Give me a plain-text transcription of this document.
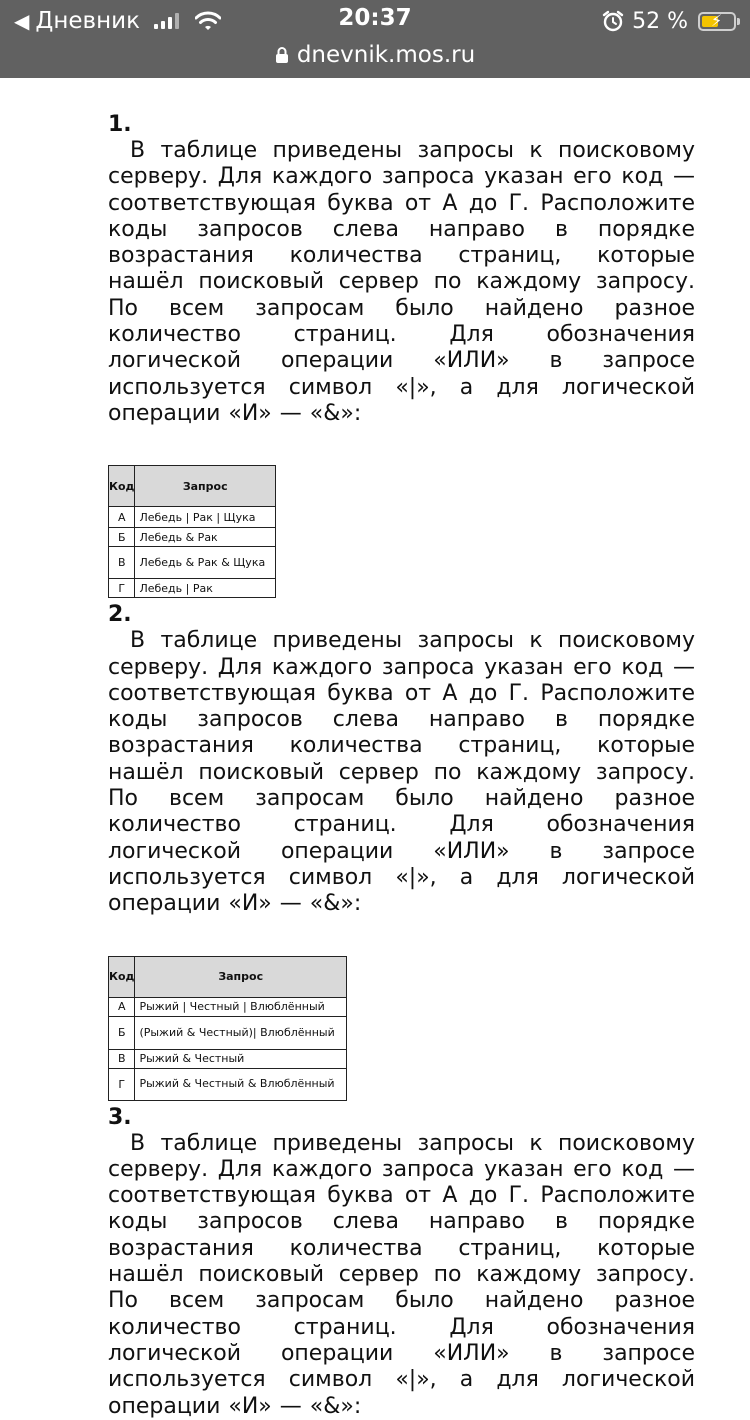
◀ Дневник	20:37	52 % ⚡
dnevnik.mos.ru
1.

В таблице приведены запросы к поисковому серверу. Для каждого запроса указан его код — соответствующая буква от А до Г. Расположите коды запросов слева направо в порядке возрастания количества страниц, которые нашёл поисковый сервер по каждому запросу. По всем запросам было найдено разное количество страниц. Для обозначения логической операции «ИЛИ» в запросе используется символ «|», а для логической операции «И» — «&»:

Код	Запрос
А	Лебедь | Рак | Щука
Б	Лебедь & Рак
В	Лебедь & Рак & Щука
Г	Лебедь | Рак
2.

В таблице приведены запросы к поисковому серверу. Для каждого запроса указан его код — соответствующая буква от А до Г. Расположите коды запросов слева направо в порядке возрастания количества страниц, которые нашёл поисковый сервер по каждому запросу. По всем запросам было найдено разное количество страниц. Для обозначения логической операции «ИЛИ» в запросе используется символ «|», а для логической операции «И» — «&»:

Код	Запрос
А	Рыжий | Честный | Влюблённый
Б	(Рыжий & Честный)| Влюблённый
В	Рыжий & Честный
Г	Рыжий & Честный & Влюблённый
3.

В таблице приведены запросы к поисковому серверу. Для каждого запроса указан его код — соответствующая буква от А до Г. Расположите коды запросов слева направо в порядке возрастания количества страниц, которые нашёл поисковый сервер по каждому запросу. По всем запросам было найдено разное количество страниц. Для обозначения логической операции «ИЛИ» в запросе используется символ «|», а для логической операции «И» — «&»:
